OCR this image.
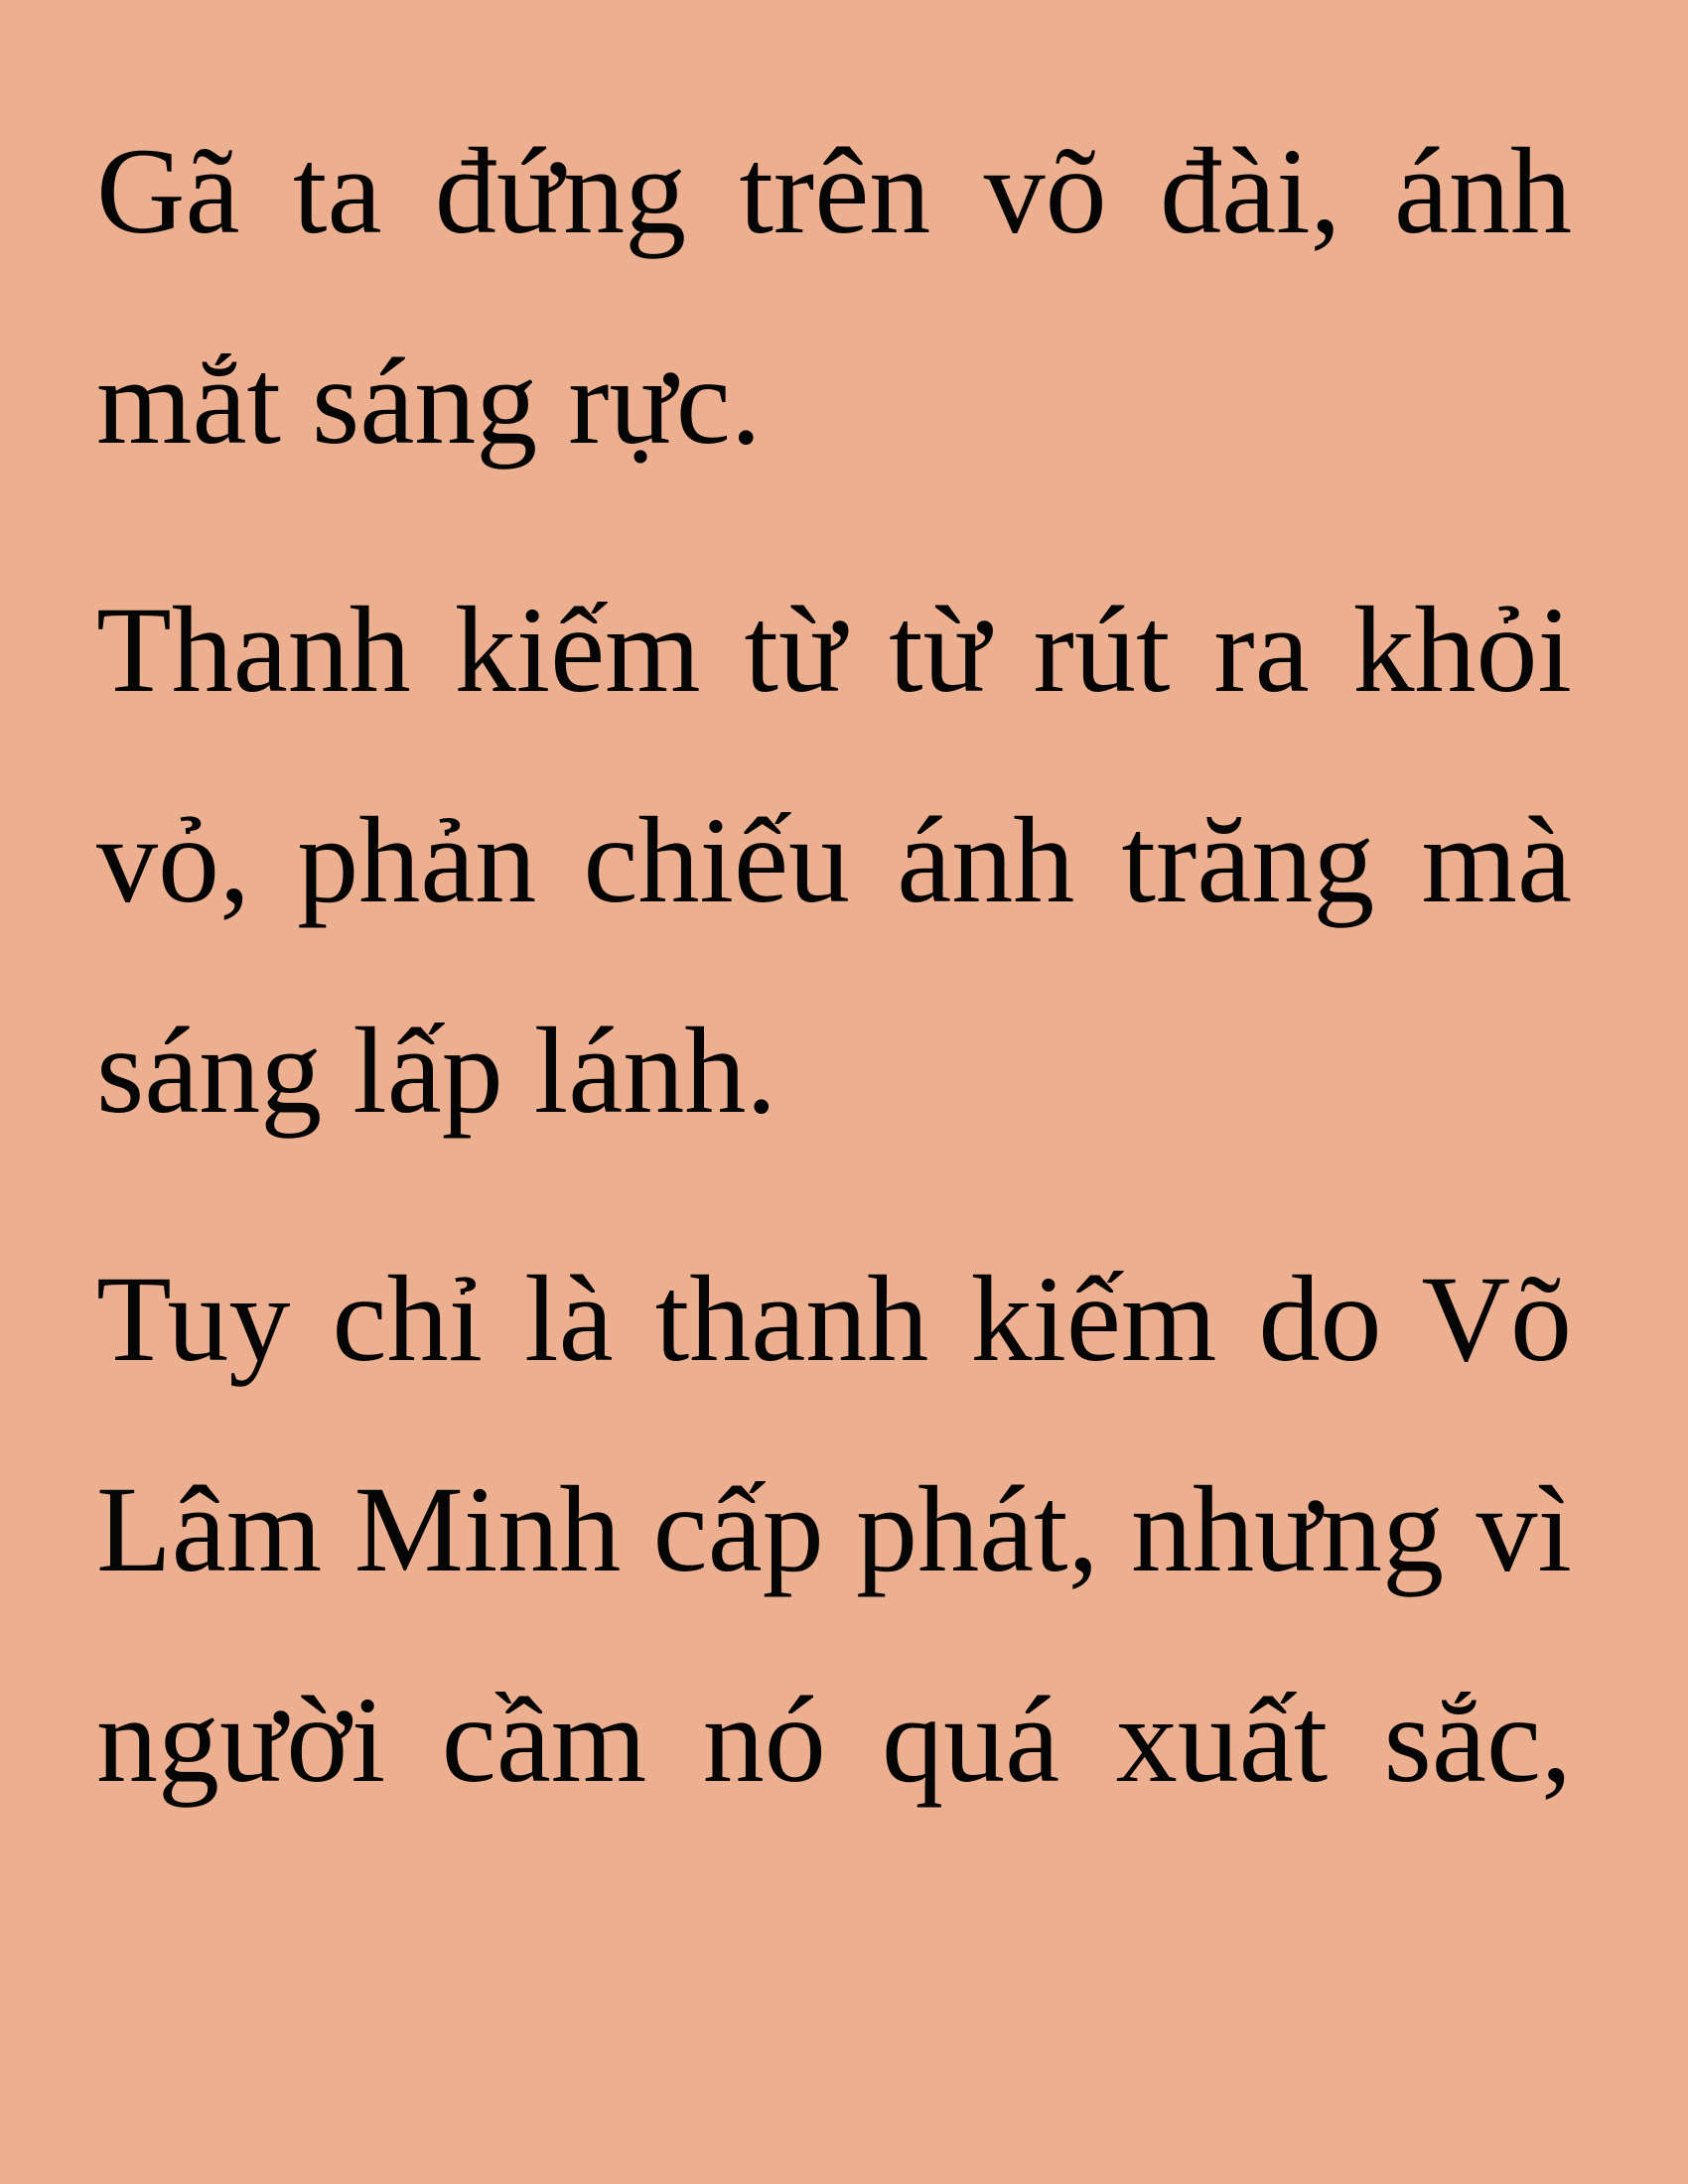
Gã ta đứng trên võ đài, ánh
mắt sáng rực.
Thanh kiếm từ từ rút ra khỏi
vỏ, phản chiếu ánh trăng mà
sáng lấp lánh.
Tuy chỉ là thanh kiếm do Võ
Lâm Minh cấp phát, nhưng vì
người cầm nó quá xuất sắc,
